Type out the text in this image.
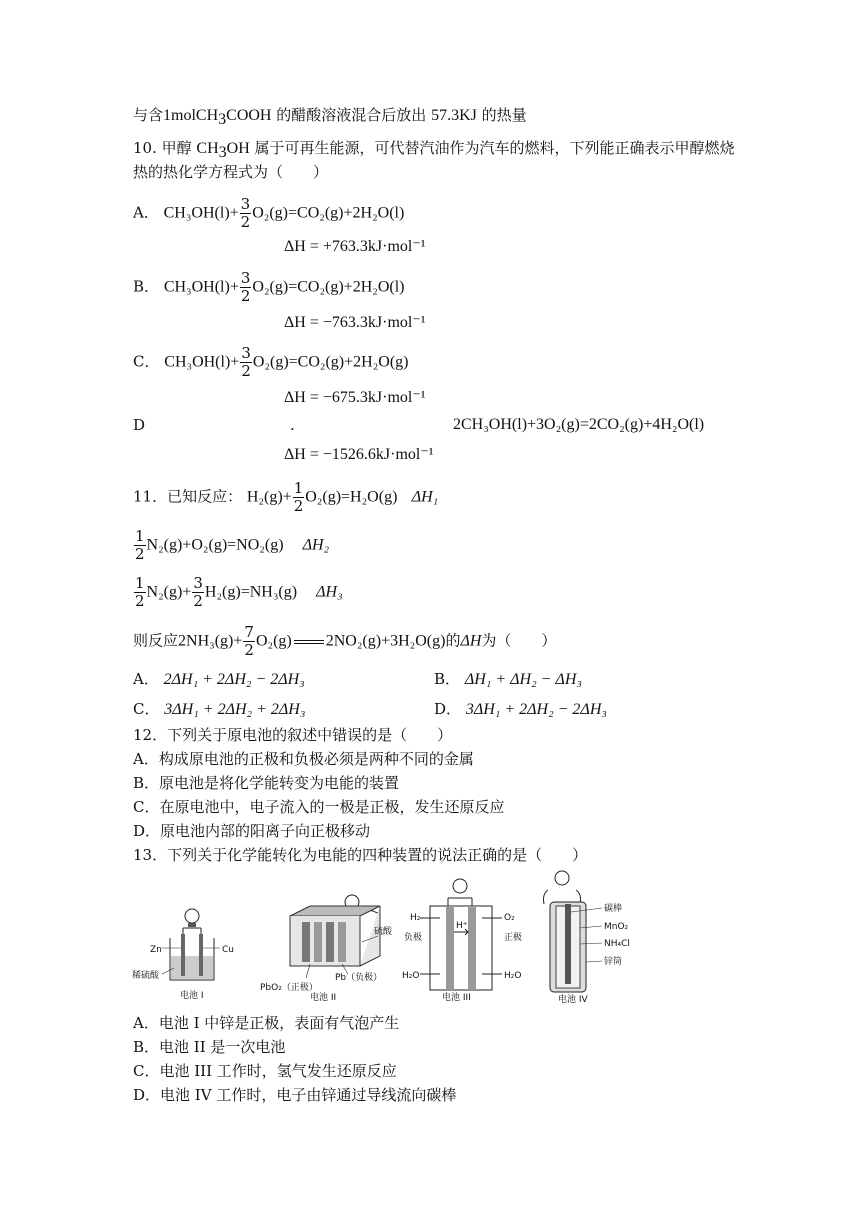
与含1molCH$_3$COOH 的醋酸溶液混合后放出 57.3KJ 的热量
10. 甲醇 $CH_3OH$ 属于可再生能源，可代替汽油作为汽车的燃料，下列能正确表示甲醇燃烧
热的热化学方程式为（　　）
A． $CH_3OH(l)+ \frac{3}{2} O_2(g)=CO_2(g)+2H_2O(l)$
ΔH = +763.3kJ·mol⁻¹
B． $CH_3OH(l)+ \frac{3}{2} O_2(g)=CO_2(g)+2H_2O(l)$
ΔH = −763.3kJ·mol⁻¹
C． $CH_3OH(l)+ \frac{3}{2} O_2(g)=CO_2(g)+2H_2O(g)$
ΔH = −675.3kJ·mol⁻¹
D	.	2CH₃OH(l)+3O₂(g)=2CO₂(g)+4H₂O(l)
ΔH = −1526.6kJ·mol⁻¹
11．已知反应： $H_2(g)+ \frac{1}{2} O_2(g)=H_2O(g)$ ΔH₁
$\frac{1}{2} N_2(g)+O_2(g)=NO_2(g)$ ΔH₂
$\frac{1}{2} N_2(g)+ \frac{3}{2} H_2(g)=NH_3(g)$ ΔH₃
则反应$2NH_3(g)+ \frac{7}{2} O_2(g)$ 2NO₂(g)+3H₂O(g)的ΔH为（　　）
A． 2ΔH₁ + 2ΔH₂ − 2ΔH₃	B． ΔH₁ + ΔH₂ − ΔH₃
C． 3ΔH₁ + 2ΔH₂ + 2ΔH₃	D． 3ΔH₁ + 2ΔH₂ − 2ΔH₃
12．下列关于原电池的叙述中错误的是（　　）
A．构成原电池的正极和负极必须是两种不同的金属
B．原电池是将化学能转变为电能的装置
C．在原电池中，电子流入的一极是正极，发生还原反应
D．原电池内部的阳离子向正极移动
13．下列关于化学能转化为电能的四种装置的说法正确的是（　　）
Zn	Cu
稀硫酸
电池 I
硫酸
PbO₂（正极）
Pb（负极）
电池 II
H₂	O₂
负极
H⁺
正极
H₂O	H₂O
电池 III
碳棒
MnO₂
NH₄Cl
锌筒
电池 IV
A．电池 I 中锌是正极，表面有气泡产生
B．电池 II 是一次电池
C．电池 III 工作时，氢气发生还原反应
D．电池 IV 工作时，电子由锌通过导线流向碳棒
